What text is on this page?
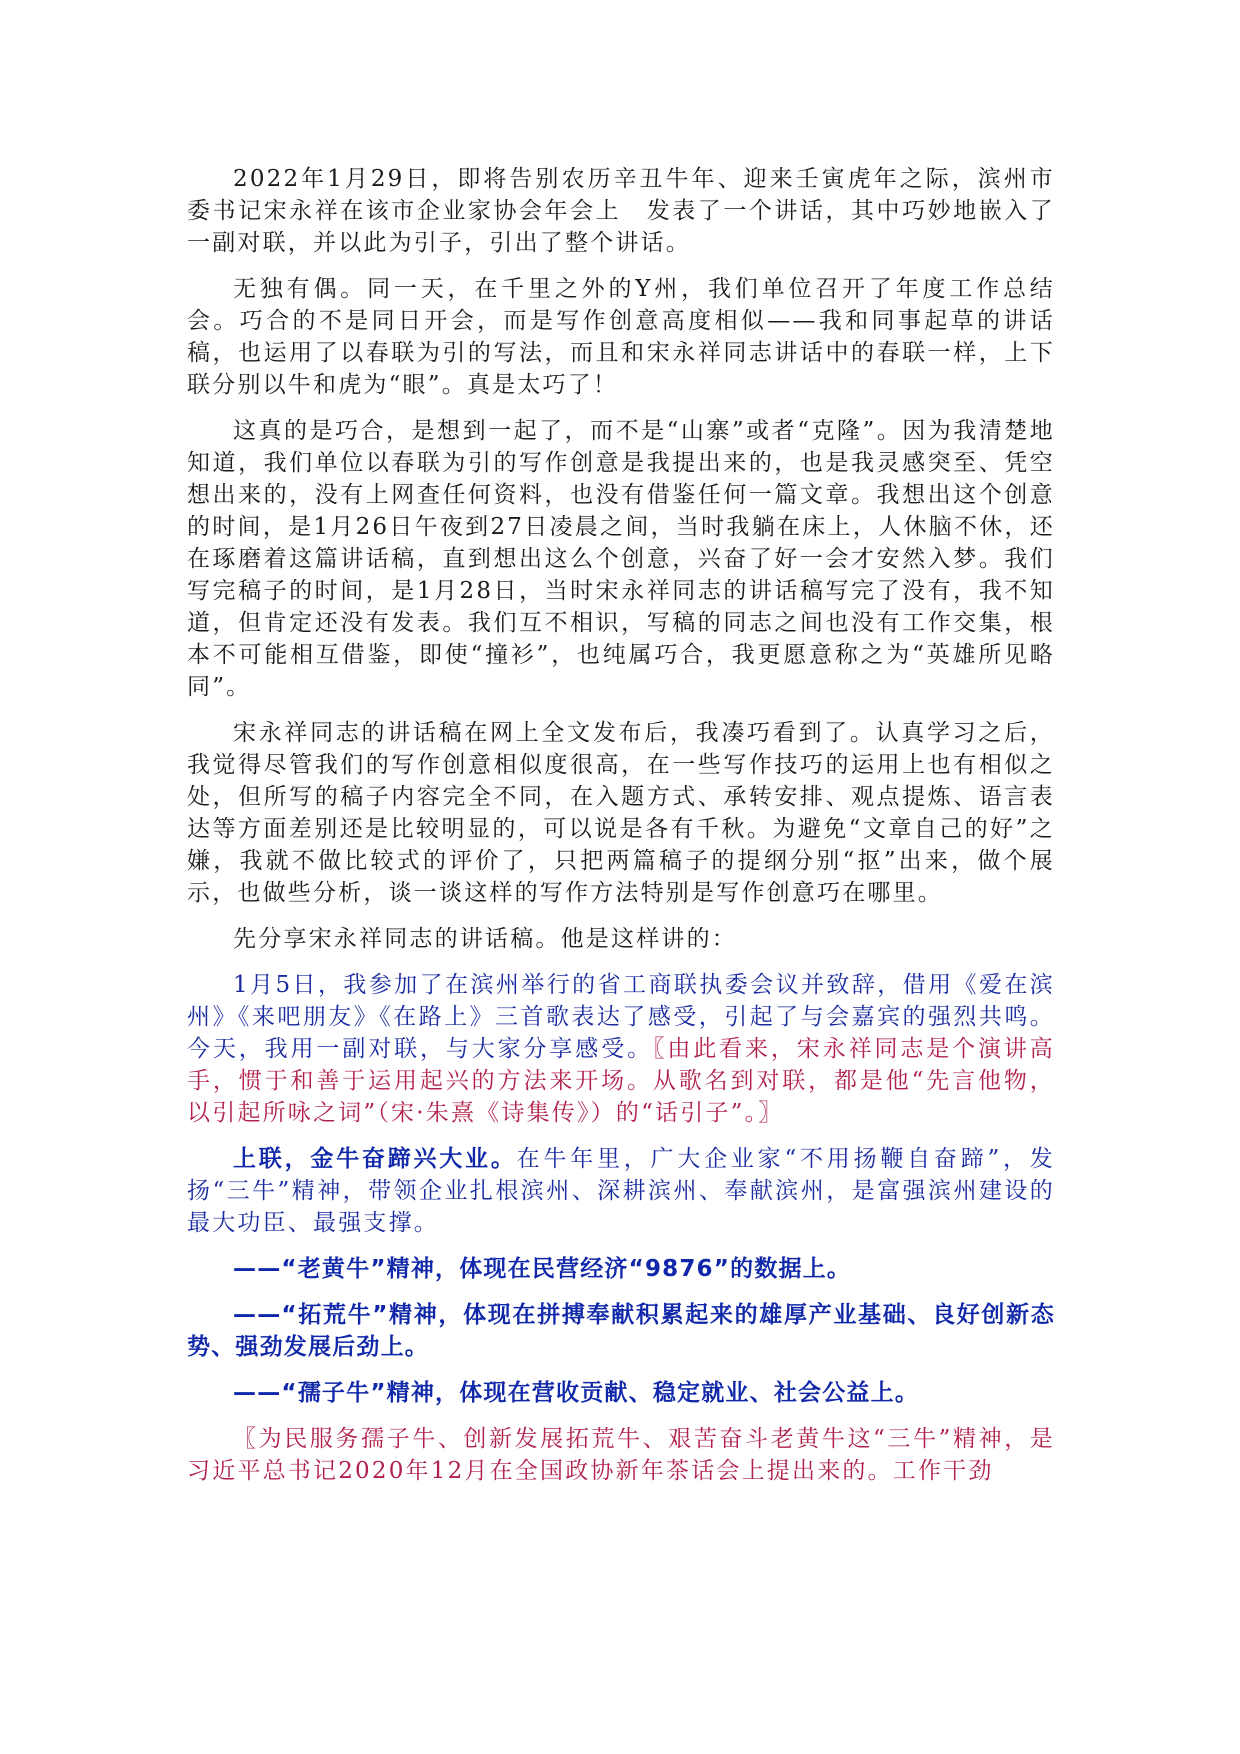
2022年1月29日，即将告别农历辛丑牛年、迎来壬寅虎年之际，滨州市委书记宋永祥在该市企业家协会年会上　发表了一个讲话，其中巧妙地嵌入了一副对联，并以此为引子，引出了整个讲话。

无独有偶。同一天，在千里之外的Y州，我们单位召开了年度工作总结会。巧合的不是同日开会，而是写作创意高度相似——我和同事起草的讲话稿，也运用了以春联为引的写法，而且和宋永祥同志讲话中的春联一样，上下联分别以牛和虎为“眼”。真是太巧了！

这真的是巧合，是想到一起了，而不是“山寨”或者“克隆”。因为我清楚地知道，我们单位以春联为引的写作创意是我提出来的，也是我灵感突至、凭空想出来的，没有上网查任何资料，也没有借鉴任何一篇文章。我想出这个创意的时间，是1月26日午夜到27日凌晨之间，当时我躺在床上，人休脑不休，还在琢磨着这篇讲话稿，直到想出这么个创意，兴奋了好一会才安然入梦。我们写完稿子的时间，是1月28日，当时宋永祥同志的讲话稿写完了没有，我不知道，但肯定还没有发表。我们互不相识，写稿的同志之间也没有工作交集，根本不可能相互借鉴，即使“撞衫”，也纯属巧合，我更愿意称之为“英雄所见略同”。

宋永祥同志的讲话稿在网上全文发布后，我凑巧看到了。认真学习之后，我觉得尽管我们的写作创意相似度很高，在一些写作技巧的运用上也有相似之处，但所写的稿子内容完全不同，在入题方式、承转安排、观点提炼、语言表达等方面差别还是比较明显的，可以说是各有千秋。为避免“文章自己的好”之嫌，我就不做比较式的评价了，只把两篇稿子的提纲分别“抠”出来，做个展示，也做些分析，谈一谈这样的写作方法特别是写作创意巧在哪里。

先分享宋永祥同志的讲话稿。他是这样讲的：

1月5日，我参加了在滨州举行的省工商联执委会议并致辞，借用《爱在滨州》《来吧朋友》《在路上》三首歌表达了感受，引起了与会嘉宾的强烈共鸣。今天，我用一副对联，与大家分享感受。〖由此看来，宋永祥同志是个演讲高手，惯于和善于运用起兴的方法来开场。从歌名到对联，都是他“先言他物，以引起所咏之词”（宋·朱熹《诗集传》）的“话引子”。〗

上联，金牛奋蹄兴大业。在牛年里，广大企业家“不用扬鞭自奋蹄”，发扬“三牛”精神，带领企业扎根滨州、深耕滨州、奉献滨州，是富强滨州建设的最大功臣、最强支撑。

——“老黄牛”精神，体现在民营经济“9876”的数据上。

——“拓荒牛”精神，体现在拼搏奉献积累起来的雄厚产业基础、良好创新态势、强劲发展后劲上。

——“孺子牛”精神，体现在营收贡献、稳定就业、社会公益上。

〖为民服务孺子牛、创新发展拓荒牛、艰苦奋斗老黄牛这“三牛”精神，是习近平总书记2020年12月在全国政协新年茶话会上提出来的。工作干劲
